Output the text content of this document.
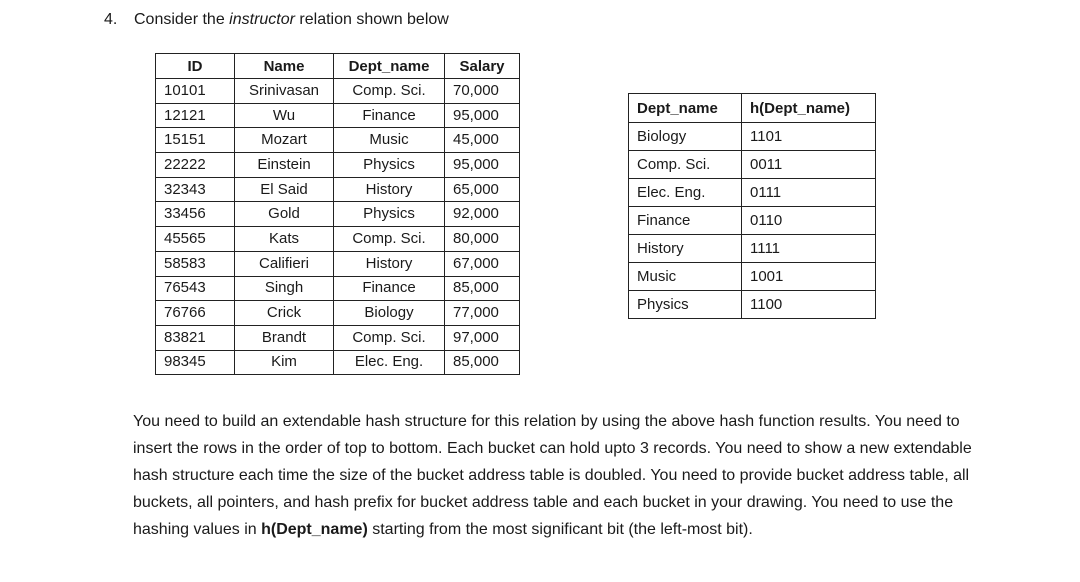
4. Consider the instructor relation shown below
ID	Name	Dept_name	Salary
10101	Srinivasan	Comp. Sci.	70,000
12121	Wu	Finance	95,000
15151	Mozart	Music	45,000
22222	Einstein	Physics	95,000
32343	El Said	History	65,000
33456	Gold	Physics	92,000
45565	Kats	Comp. Sci.	80,000
58583	Califieri	History	67,000
76543	Singh	Finance	85,000
76766	Crick	Biology	77,000
83821	Brandt	Comp. Sci.	97,000
98345	Kim	Elec. Eng.	85,000
Dept_name	h(Dept_name)
Biology	1101
Comp. Sci.	0011
Elec. Eng.	0111
Finance	0110
History	1111
Music	1001
Physics	1100
You need to build an extendable hash structure for this relation by using the above hash function results. You need to insert the rows in the order of top to bottom. Each bucket can hold upto 3 records. You need to show a new extendable hash structure each time the size of the bucket address table is doubled. You need to provide bucket address table, all buckets, all pointers, and hash prefix for bucket address table and each bucket in your drawing. You need to use the hashing values in h(Dept_name) starting from the most significant bit (the left-most bit).
